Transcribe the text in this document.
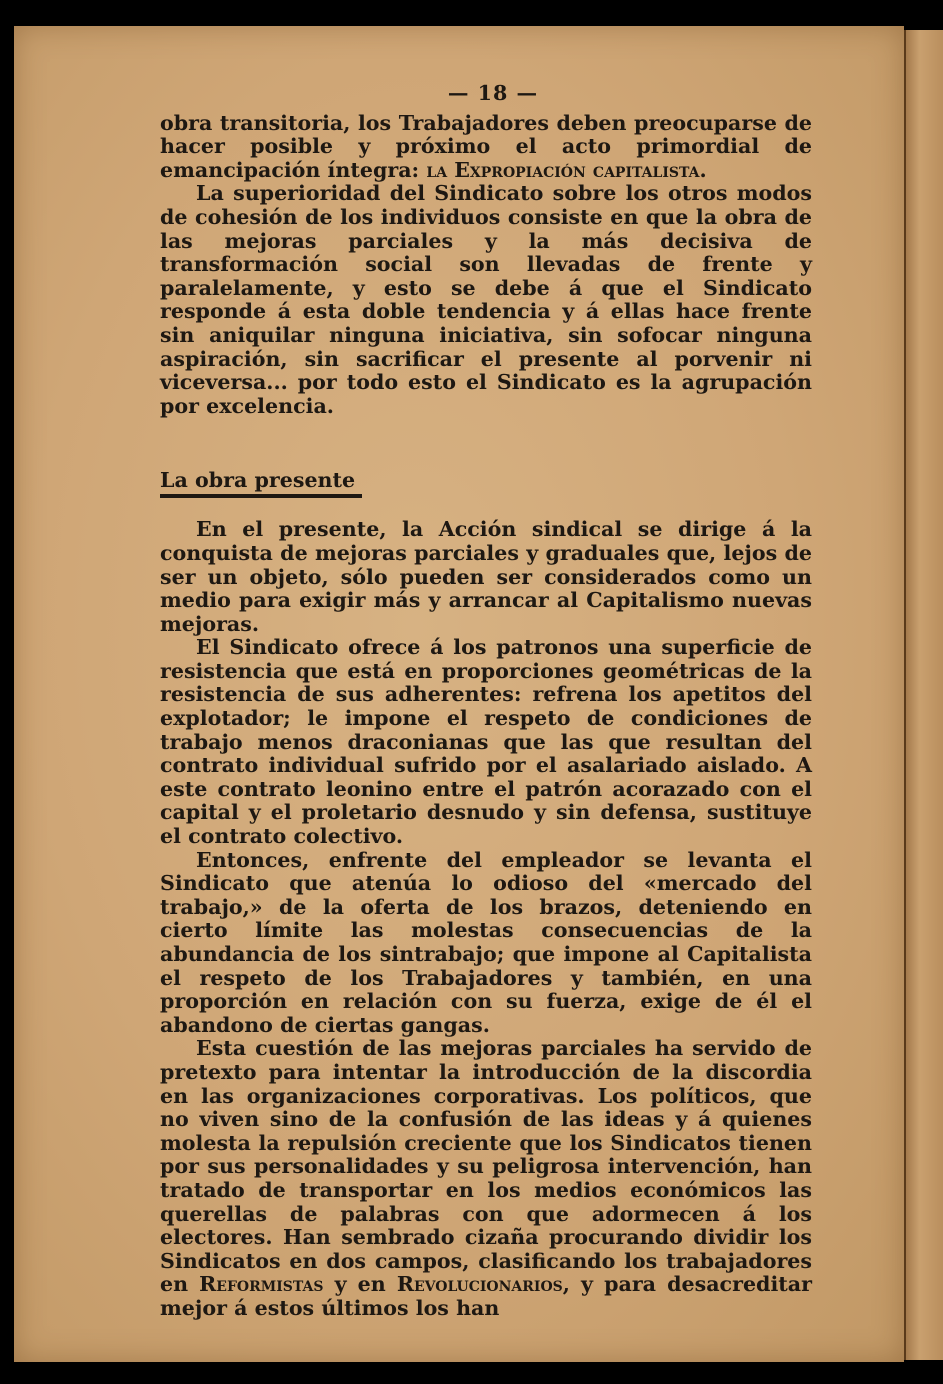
— 18 —

obra transitoria, los Trabajadores deben preocuparse de hacer posible y próximo el acto primordial de emancipación íntegra: la Expropiación capitalista.

La superioridad del Sindicato sobre los otros modos de cohesión de los individuos consiste en que la obra de las mejoras parciales y la más decisiva de transformación social son llevadas de frente y paralelamente, y esto se debe á que el Sindicato responde á esta doble tendencia y á ellas hace frente sin aniquilar ninguna iniciativa, sin sofocar ninguna aspiración, sin sacrificar el presente al porvenir ni viceversa... por todo esto el Sindicato es la agrupación por excelencia.

La obra presente

En el presente, la Acción sindical se dirige á la conquista de mejoras parciales y graduales que, lejos de ser un objeto, sólo pueden ser considerados como un medio para exigir más y arrancar al Capitalismo nuevas mejoras.

El Sindicato ofrece á los patronos una superficie de resistencia que está en proporciones geométricas de la resistencia de sus adherentes: refrena los apetitos del explotador; le impone el respeto de condiciones de trabajo menos draconianas que las que resultan del contrato individual sufrido por el asalariado aislado. A este contrato leonino entre el patrón acorazado con el capital y el proletario desnudo y sin defensa, sustituye el contrato colectivo.

Entonces, enfrente del empleador se levanta el Sindicato que atenúa lo odioso del «mercado del trabajo,» de la oferta de los brazos, deteniendo en cierto límite las molestas consecuencias de la abundancia de los sintrabajo; que impone al Capitalista el respeto de los Trabajadores y también, en una proporción en relación con su fuerza, exige de él el abandono de ciertas gangas.

Esta cuestión de las mejoras parciales ha servido de pretexto para intentar la introducción de la discordia en las organizaciones corporativas. Los políticos, que no viven sino de la confusión de las ideas y á quienes molesta la repulsión creciente que los Sindicatos tienen por sus personalidades y su peligrosa intervención, han tratado de transportar en los medios económicos las querellas de palabras con que adormecen á los electores. Han sembrado cizaña procurando dividir los Sindicatos en dos campos, clasificando los trabajadores en Reformistas y en Revolucionarios, y para desacreditar mejor á estos últimos los han
